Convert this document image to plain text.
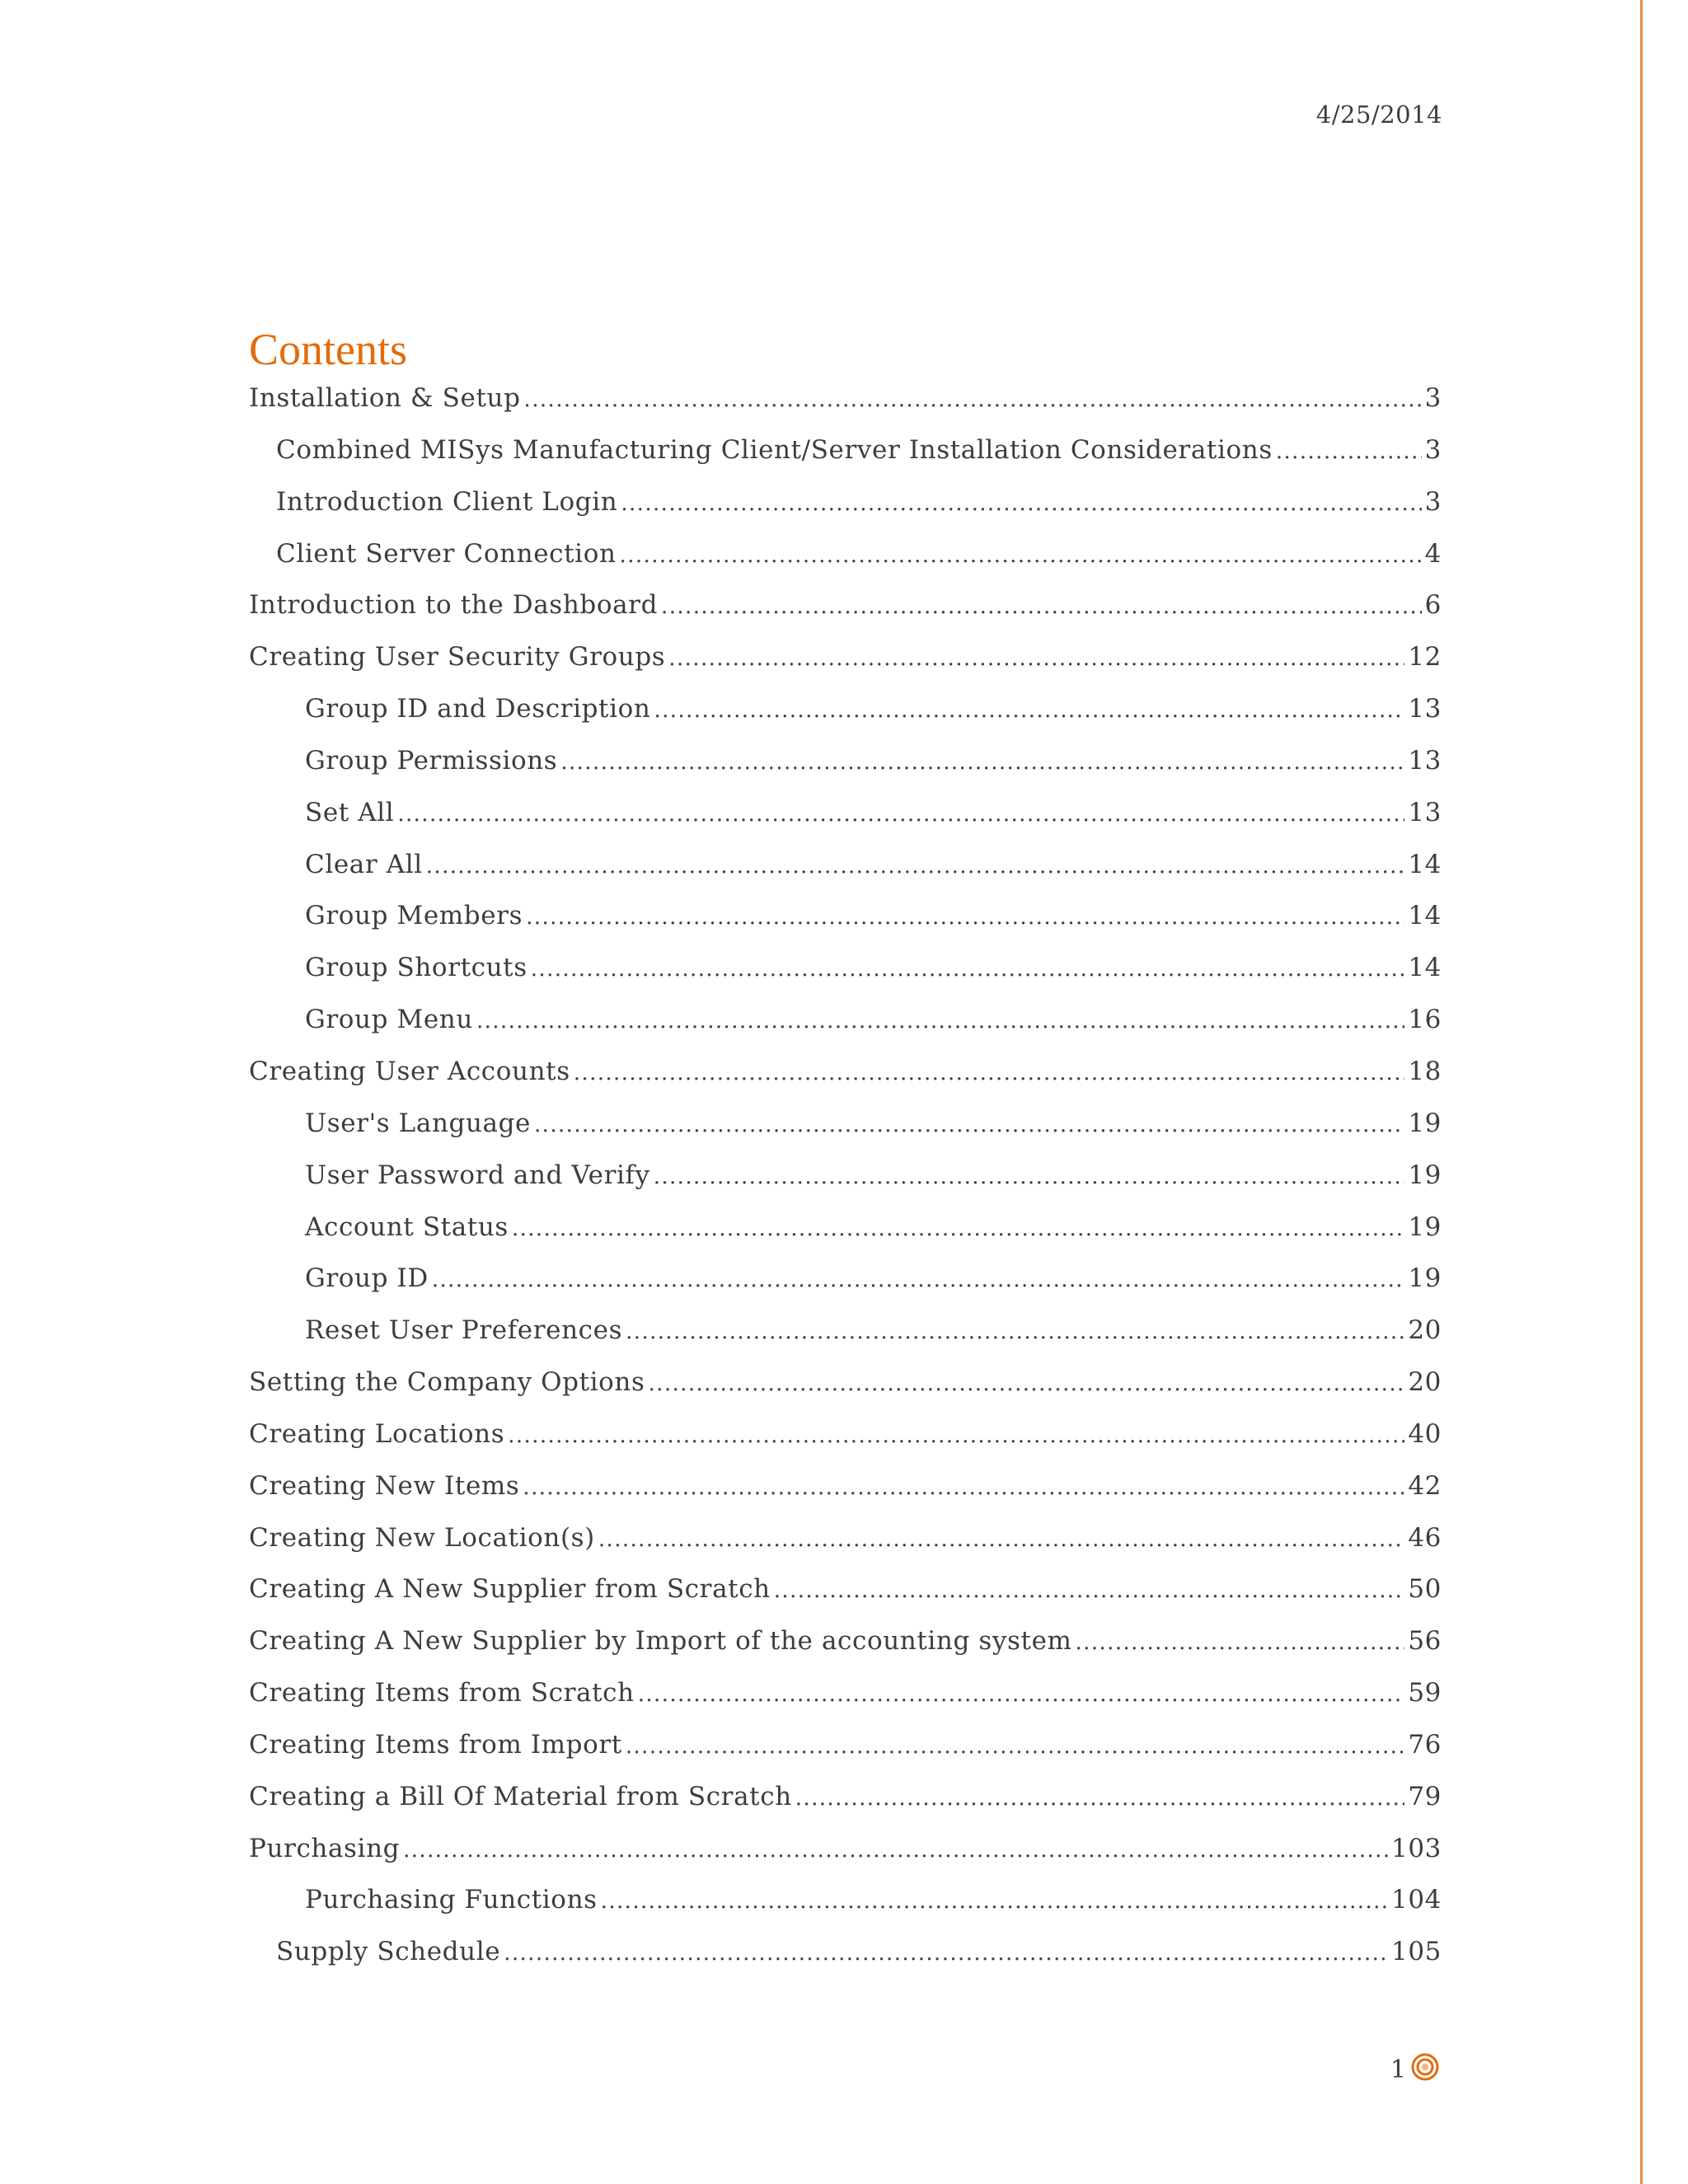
4/25/2014
Contents
Installation & Setup .....	3
Combined MISys Manufacturing Client/Server Installation Considerations .....	3
Introduction Client Login .....	3
Client Server Connection .....	4
Introduction to the Dashboard .....	6
Creating User Security Groups .....	12
Group ID and Description .....	13
Group Permissions .....	13
Set All .....	13
Clear All .....	14
Group Members .....	14
Group Shortcuts .....	14
Group Menu .....	16
Creating User Accounts .....	18
User's Language .....	19
User Password and Verify .....	19
Account Status .....	19
Group ID .....	19
Reset User Preferences .....	20
Setting the Company Options .....	20
Creating Locations .....	40
Creating New Items .....	42
Creating New Location(s) .....	46
Creating A New Supplier from Scratch .....	50
Creating A New Supplier by Import of the accounting system .....	56
Creating Items from Scratch .....	59
Creating Items from Import .....	76
Creating a Bill Of Material from Scratch .....	79
Purchasing .....	103
Purchasing Functions .....	104
Supply Schedule .....	105
1
